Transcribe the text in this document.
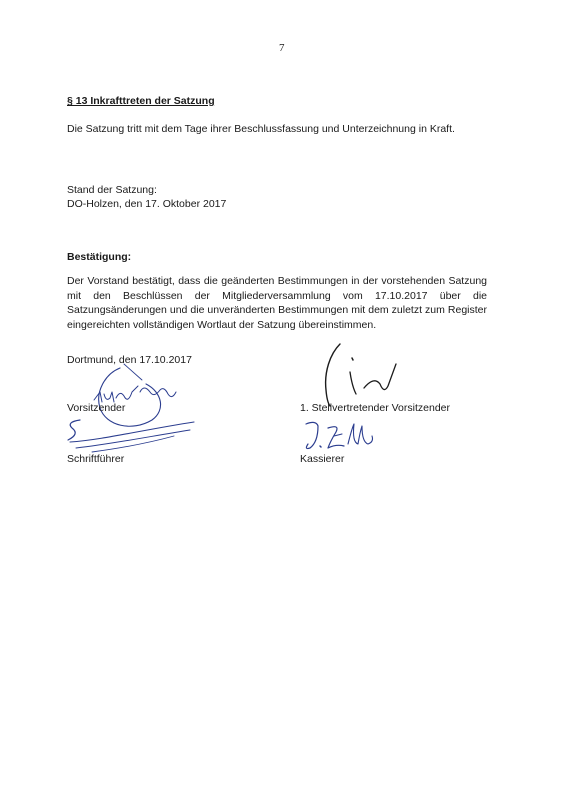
7
§ 13 Inkrafttreten der Satzung
Die Satzung tritt mit dem Tage ihrer Beschlussfassung und Unterzeichnung in Kraft.
Stand der Satzung:
DO-Holzen, den 17. Oktober 2017
Bestätigung:
Der Vorstand bestätigt, dass die geänderten Bestimmungen in der vorstehenden Satzung mit den Beschlüssen der Mitgliederversammlung vom 17.10.2017 über die Satzungsänderungen und die unveränderten Bestimmungen mit dem zuletzt zum Register eingereichten vollständigen Wortlaut der Satzung übereinstimmen.
Dortmund, den 17.10.2017
Vorsitzender	1. Stellvertretender Vorsitzender
Schriftführer	Kassierer
